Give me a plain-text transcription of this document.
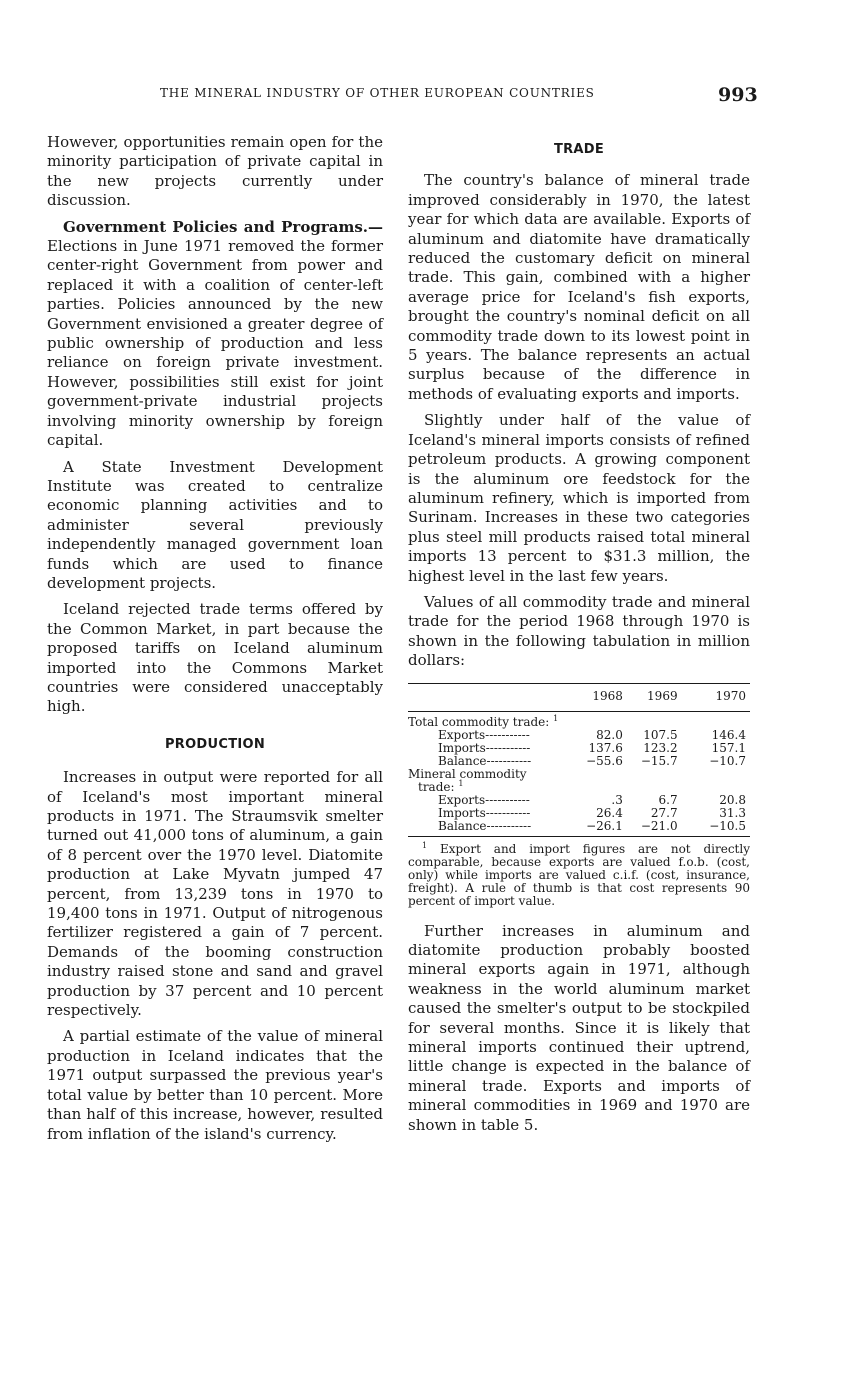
THE MINERAL INDUSTRY OF OTHER EUROPEAN COUNTRIES	993

However, opportunities remain open for the minority participation of private capital in the new projects currently under discussion.

Government Policies and Programs.— Elections in June 1971 removed the former center-right Government from power and replaced it with a coalition of center-left parties. Policies announced by the new Government envisioned a greater degree of public ownership of production and less reliance on foreign private investment. However, possibilities still exist for joint government-private industrial projects involving minority ownership by foreign capital.

A State Investment Development Institute was created to centralize economic planning activities and to administer several previously independently managed government loan funds which are used to finance development projects.

Iceland rejected trade terms offered by the Common Market, in part because the proposed tariffs on Iceland aluminum imported into the Commons Market countries were considered unacceptably high.

PRODUCTION

Increases in output were reported for all of Iceland's most important mineral products in 1971. The Straumsvik smelter turned out 41,000 tons of aluminum, a gain of 8 percent over the 1970 level. Diatomite production at Lake Myvatn jumped 47 percent, from 13,239 tons in 1970 to 19,400 tons in 1971. Output of nitrogenous fertilizer registered a gain of 7 percent. Demands of the booming construction industry raised stone and sand and gravel production by 37 percent and 10 percent respectively.

A partial estimate of the value of mineral production in Iceland indicates that the 1971 output surpassed the previous year's total value by better than 10 percent. More than half of this increase, however, resulted from inflation of the island's currency.

TRADE

The country's balance of mineral trade improved considerably in 1970, the latest year for which data are available. Exports of aluminum and diatomite have dramatically reduced the customary deficit on mineral trade. This gain, combined with a higher average price for Iceland's fish exports, brought the country's nominal deficit on all commodity trade down to its lowest point in 5 years. The balance represents an actual surplus because of the difference in methods of evaluating exports and imports.

Slightly under half of the value of Iceland's mineral imports consists of refined petroleum products. A growing component is the aluminum ore feedstock for the aluminum refinery, which is imported from Surinam. Increases in these two categories plus steel mill products raised total mineral imports 13 percent to $31.3 million, the highest level in the last few years.

Values of all commodity trade and mineral trade for the period 1968 through 1970 is shown in the following tabulation in million dollars:

	1968	1969	1970
Total commodity trade: $^1$
Exports-----------	82.0	107.5	146.4
Imports-----------	137.6	123.2	157.1
Balance-----------	−55.6	−15.7	−10.7
Mineral commodity			
trade: $^1$
Exports-----------	.3	6.7	20.8
Imports-----------	26.4	27.7	31.3
Balance-----------	−26.1	−21.0	−10.5

$^1$ Export and import figures are not directly comparable, because exports are valued f.o.b. (cost, only) while imports are valued c.i.f. (cost, insurance, freight). A rule of thumb is that cost represents 90 percent of import value.

Further increases in aluminum and diatomite production probably boosted mineral exports again in 1971, although weakness in the world aluminum market caused the smelter's output to be stockpiled for several months. Since it is likely that mineral imports continued their uptrend, little change is expected in the balance of mineral trade. Exports and imports of mineral commodities in 1969 and 1970 are shown in table 5.
